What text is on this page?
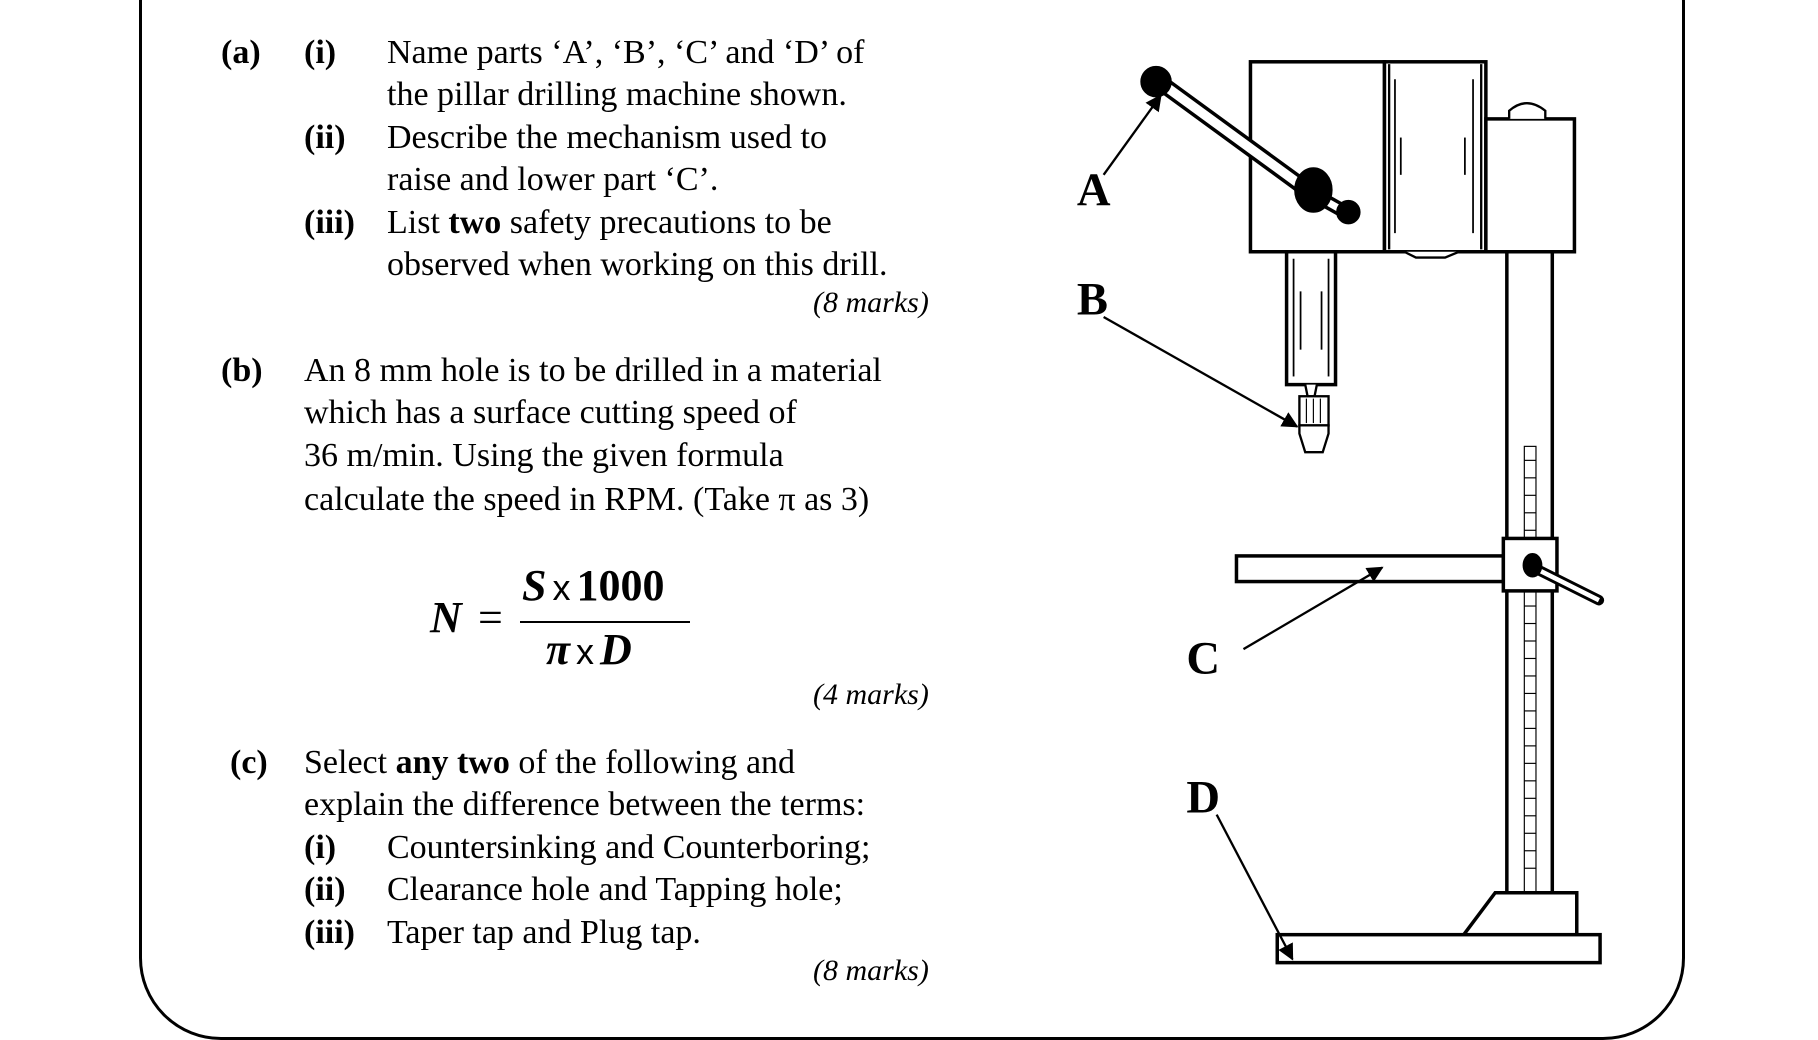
(a) (i) Name parts ‘A’, ‘B’, ‘C’ and ‘D’ of
the pillar drilling machine shown.
(ii) Describe the mechanism used to
raise and lower part ‘C’.
(iii) List two safety precautions to be
observed when working on this drill.
(8 marks)
(b) An 8 mm hole is to be drilled in a material
which has a surface cutting speed of
36 m/min. Using the given formula
calculate the speed in RPM. (Take π as 3)
N =
S x 1000
π x D
(4 marks)
(c) Select any two of the following and
explain the difference between the terms:
(i) Countersinking and Counterboring;
(ii) Clearance hole and Tapping hole;
(iii) Taper tap and Plug tap.
(8 marks)
A
B
C
D
